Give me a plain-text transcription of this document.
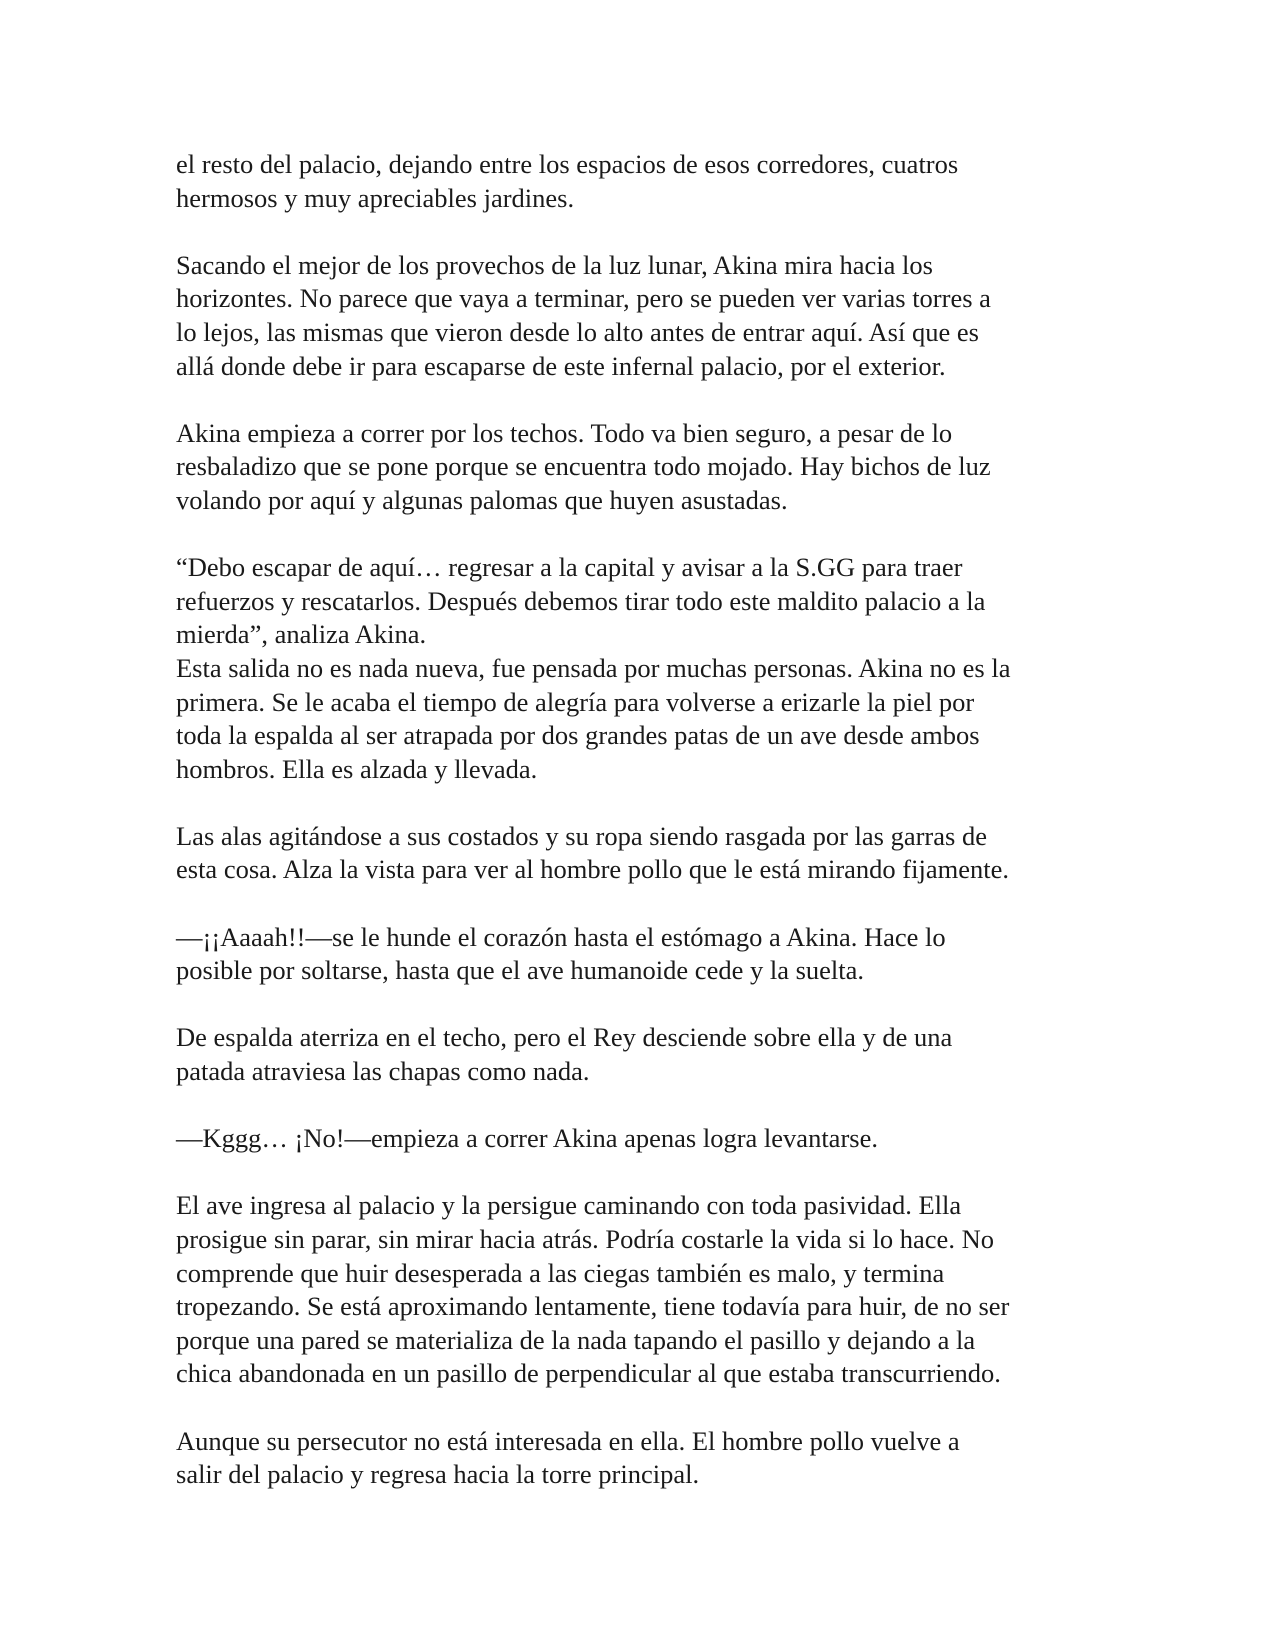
el resto del palacio, dejando entre los espacios de esos corredores, cuatros
hermosos y muy apreciables jardines.

Sacando el mejor de los provechos de la luz lunar, Akina mira hacia los
horizontes. No parece que vaya a terminar, pero se pueden ver varias torres a
lo lejos, las mismas que vieron desde lo alto antes de entrar aquí. Así que es
allá donde debe ir para escaparse de este infernal palacio, por el exterior.

Akina empieza a correr por los techos. Todo va bien seguro, a pesar de lo
resbaladizo que se pone porque se encuentra todo mojado. Hay bichos de luz
volando por aquí y algunas palomas que huyen asustadas.

“Debo escapar de aquí… regresar a la capital y avisar a la S.GG para traer
refuerzos y rescatarlos. Después debemos tirar todo este maldito palacio a la
mierda”, analiza Akina.

Esta salida no es nada nueva, fue pensada por muchas personas. Akina no es la
primera. Se le acaba el tiempo de alegría para volverse a erizarle la piel por
toda la espalda al ser atrapada por dos grandes patas de un ave desde ambos
hombros. Ella es alzada y llevada.

Las alas agitándose a sus costados y su ropa siendo rasgada por las garras de
esta cosa. Alza la vista para ver al hombre pollo que le está mirando fijamente.

—¡¡Aaaah!!—se le hunde el corazón hasta el estómago a Akina. Hace lo
posible por soltarse, hasta que el ave humanoide cede y la suelta.

De espalda aterriza en el techo, pero el Rey desciende sobre ella y de una
patada atraviesa las chapas como nada.

—Kggg… ¡No!—empieza a correr Akina apenas logra levantarse.

El ave ingresa al palacio y la persigue caminando con toda pasividad. Ella
prosigue sin parar, sin mirar hacia atrás. Podría costarle la vida si lo hace. No
comprende que huir desesperada a las ciegas también es malo, y termina
tropezando. Se está aproximando lentamente, tiene todavía para huir, de no ser
porque una pared se materializa de la nada tapando el pasillo y dejando a la
chica abandonada en un pasillo de perpendicular al que estaba transcurriendo.

Aunque su persecutor no está interesada en ella. El hombre pollo vuelve a
salir del palacio y regresa hacia la torre principal.
